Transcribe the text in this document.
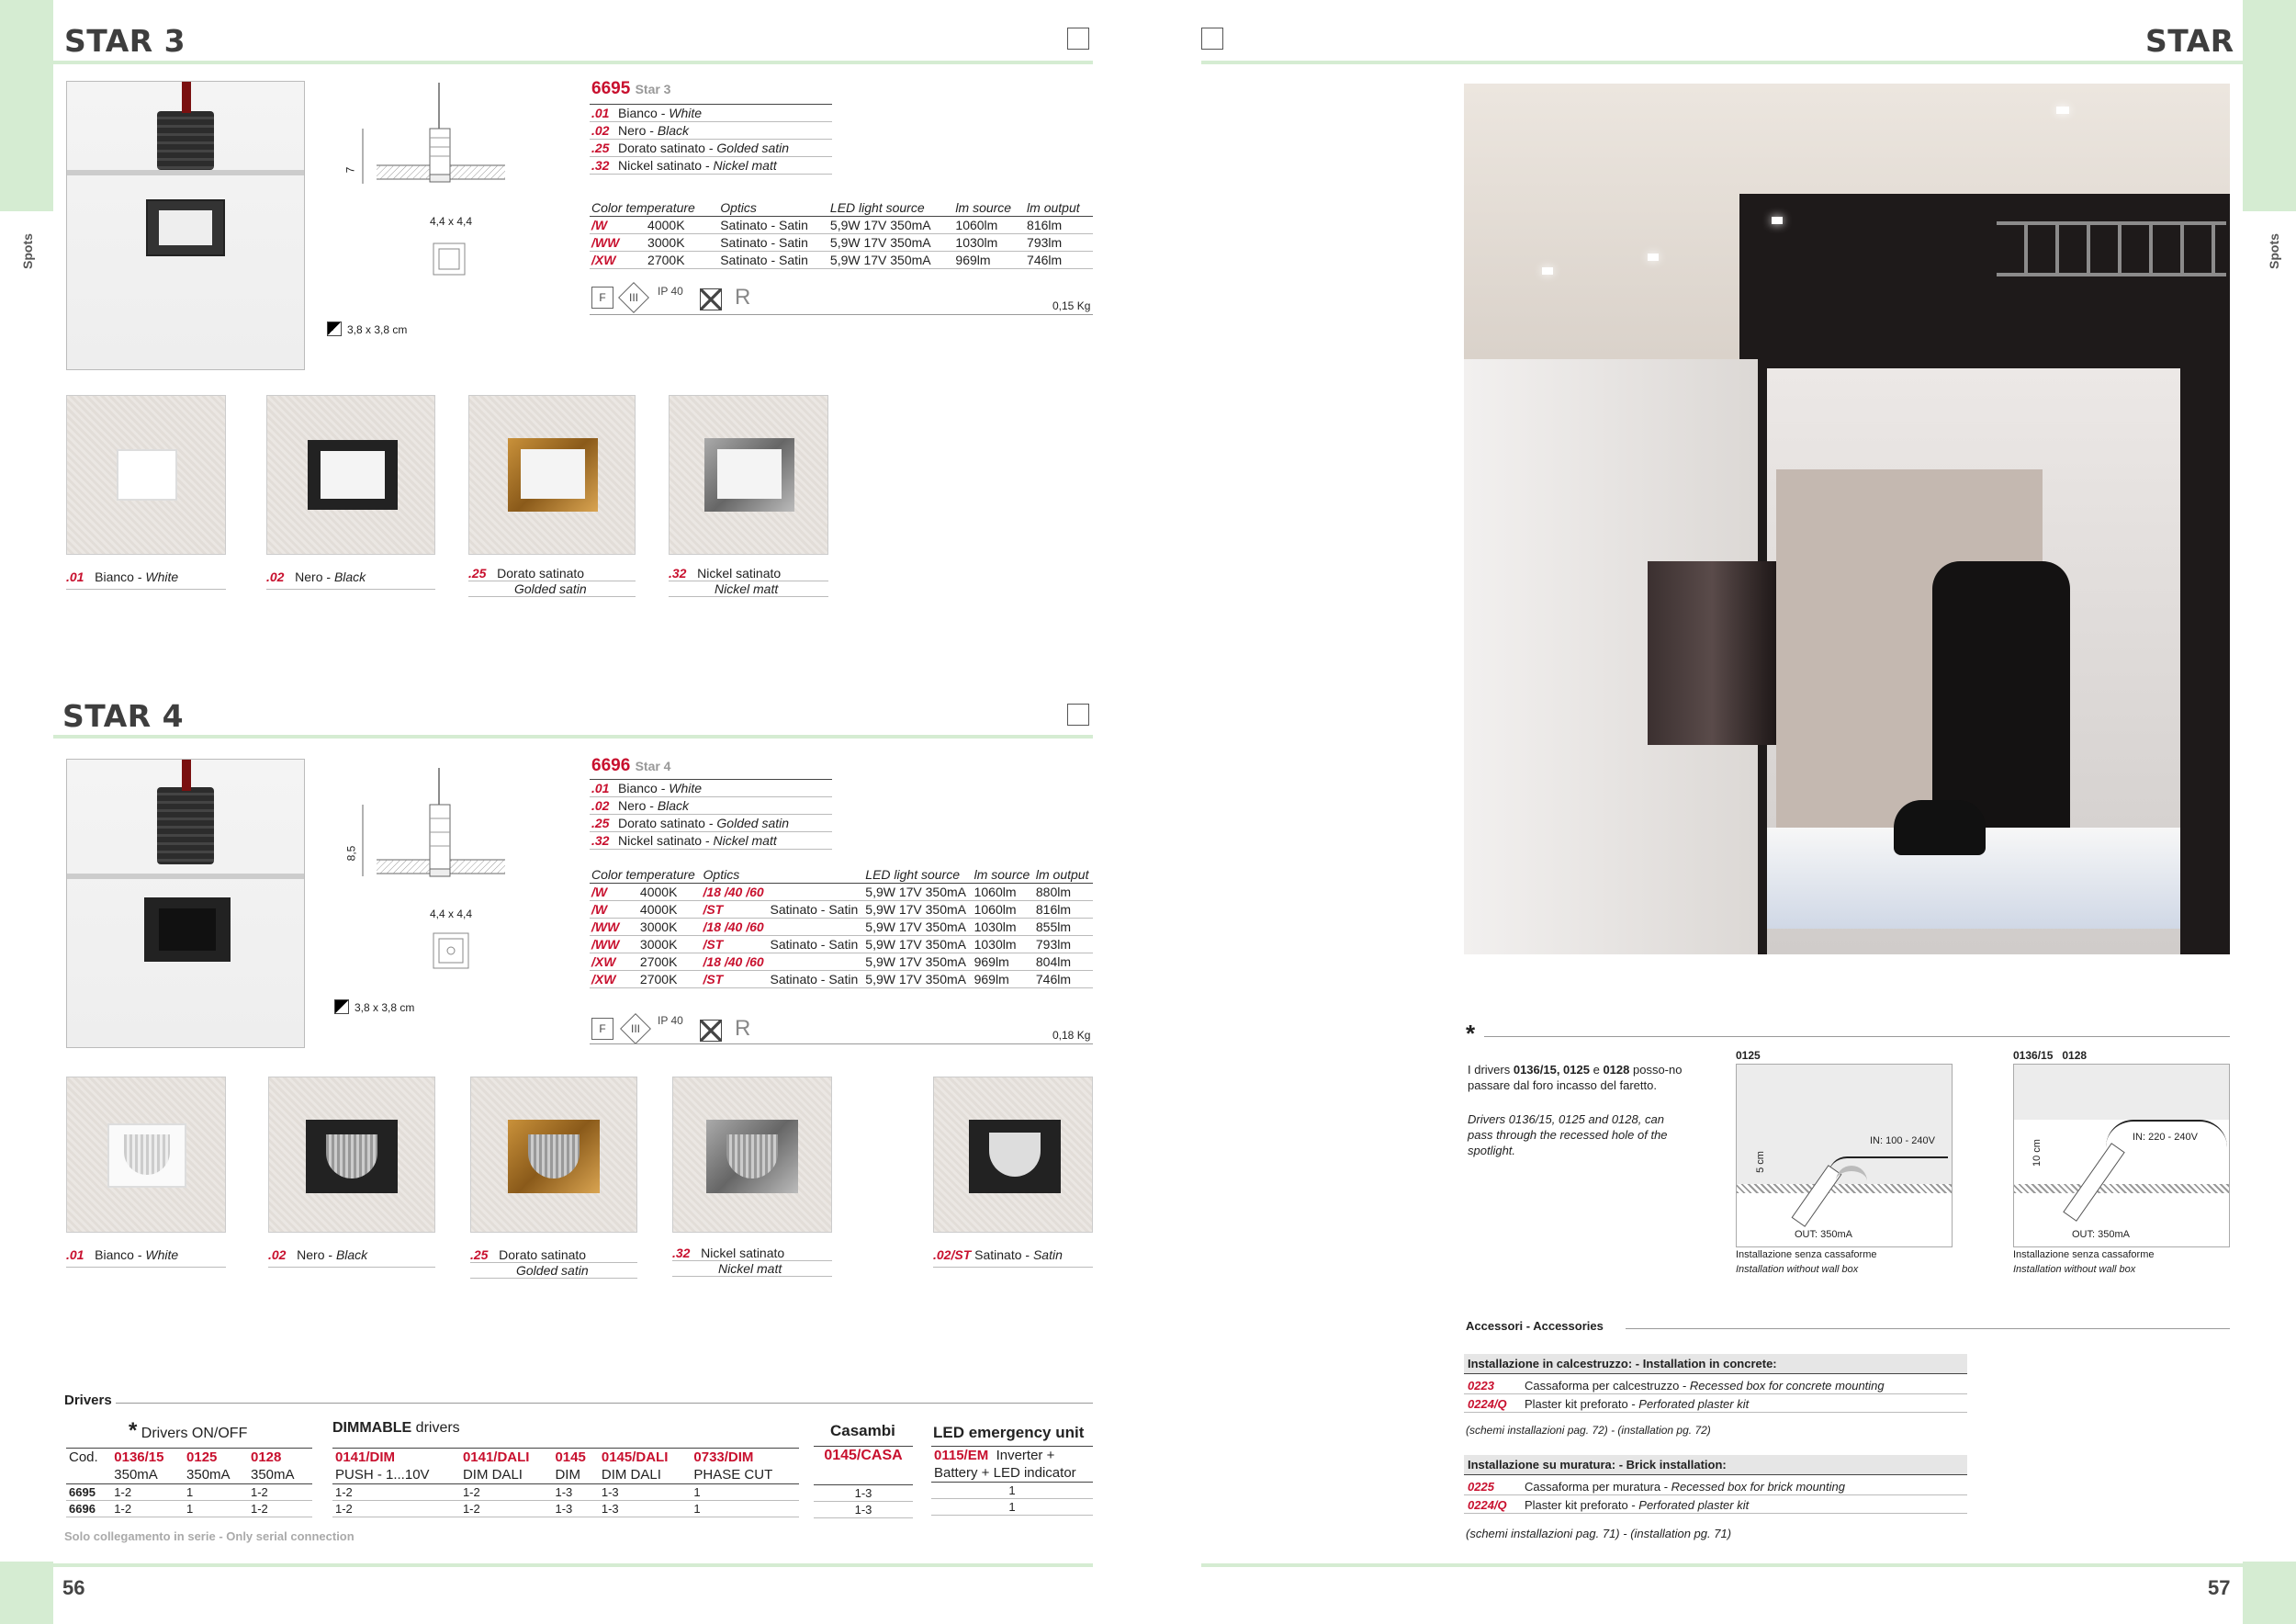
Spots
STAR 3
7
4,4 x 4,4
3,8 x 3,8 cm
6695 Star 3
.01	Bianco - White
.02	Nero - Black
.25	Dorato satinato - Golded satin
.32	Nickel satinato - Nickel matt
Color temperature		Optics	LED light source	lm source	lm output
/W	4000K	Satinato - Satin	5,9W 17V 350mA	1060lm	816lm
/WW	3000K	Satinato - Satin	5,9W 17V 350mA	1030lm	793lm
/XW	2700K	Satinato - Satin	5,9W 17V 350mA	969lm	746lm
F	III	IP 40 R	0,15 Kg
.01 Bianco - White	.02 Nero - Black	.25 Dorato satinato
Golded satin
.32 Nickel satinato
Nickel matt
STAR 4
8,5
4,4 x 4,4
3,8 x 3,8 cm
6696 Star 4
.01	Bianco - White
.02	Nero - Black
.25	Dorato satinato - Golded satin
.32	Nickel satinato - Nickel matt
Color temperature		Optics		LED light source	lm source	lm output
/W	4000K	/18 /40 /60		5,9W 17V 350mA	1060lm	880lm
/W	4000K	/ST	Satinato - Satin	5,9W 17V 350mA	1060lm	816lm
/WW	3000K	/18 /40 /60		5,9W 17V 350mA	1030lm	855lm
/WW	3000K	/ST	Satinato - Satin	5,9W 17V 350mA	1030lm	793lm
/XW	2700K	/18 /40 /60		5,9W 17V 350mA	969lm	804lm
/XW	2700K	/ST	Satinato - Satin	5,9W 17V 350mA	969lm	746lm
F	III
IP 40 R	0,18 Kg
.01 Bianco - White	.02 Nero - Black	.25 Dorato satinato
Golded satin
.32 Nickel satinato
Nickel matt
.02/ST Satinato - Satin
Drivers
* Drivers ON/OFF	DIMMABLE drivers	Casambi LED emergency unit
Cod.	0136/15	0125	0128
	350mA	350mA	350mA
6695	1-2	1	1-2
6696	1-2	1	1-2
0141/DIM	0141/DALI	0145	0145/DALI	0733/DIM
PUSH - 1...10V	DIM DALI	DIM	DIM DALI	PHASE CUT
1-2	1-2	1-3	1-3	1
1-2	1-2	1-3	1-3	1
0145/CASA
1-3
1-3
0115/EM Inverter +
Battery + LED indicator
1
1
Solo collegamento in serie - Only serial connection
56
STAR
Spots
*
I drivers 0136/15, 0125 e 0128 posso-no passare dal foro incasso del faretto.
Drivers 0136/15, 0125 and 0128, can pass through the recessed hole of the spotlight.
0125
5 cm
IN: 100 - 240V
OUT: 350mA
Installazione senza cassaforme
Installation without wall box
0136/15   0128
10 cm
IN: 220 - 240V
OUT: 350mA
Installazione senza cassaforme
Installation without wall box
Accessori - Accessories
Installazione in calcestruzzo: - Installation in concrete:
0223	Cassaforma per calcestruzzo - Recessed box for concrete mounting
0224/Q Plaster kit preforato - Perforated plaster kit
(schemi installazioni pag. 72) - (installation pg. 72)
Installazione su muratura: - Brick installation:
0225	Cassaforma per muratura - Recessed box for brick mounting
0224/Q Plaster kit preforato - Perforated plaster kit
(schemi installazioni pag. 71) - (installation pg. 71)
57
